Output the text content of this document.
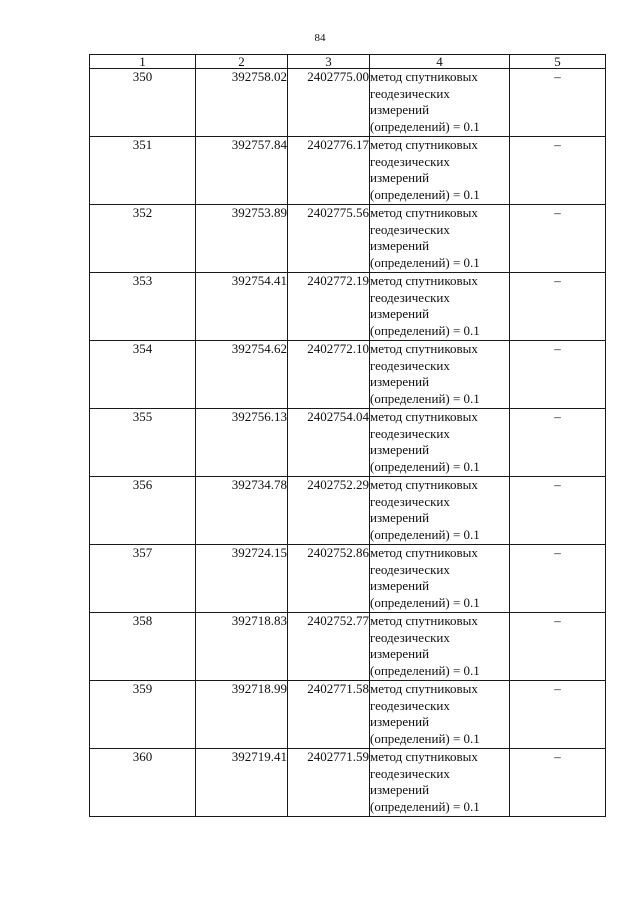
84
1	2	3	4	5
350	392758.02	2402775.00	метод спутниковых
геодезических
измерений
(определений) = 0.1	–
351	392757.84	2402776.17	метод спутниковых
геодезических
измерений
(определений) = 0.1	–
352	392753.89	2402775.56	метод спутниковых
геодезических
измерений
(определений) = 0.1	–
353	392754.41	2402772.19	метод спутниковых
геодезических
измерений
(определений) = 0.1	–
354	392754.62	2402772.10	метод спутниковых
геодезических
измерений
(определений) = 0.1	–
355	392756.13	2402754.04	метод спутниковых
геодезических
измерений
(определений) = 0.1	–
356	392734.78	2402752.29	метод спутниковых
геодезических
измерений
(определений) = 0.1	–
357	392724.15	2402752.86	метод спутниковых
геодезических
измерений
(определений) = 0.1	–
358	392718.83	2402752.77	метод спутниковых
геодезических
измерений
(определений) = 0.1	–
359	392718.99	2402771.58	метод спутниковых
геодезических
измерений
(определений) = 0.1	–
360	392719.41	2402771.59	метод спутниковых
геодезических
измерений
(определений) = 0.1	–
